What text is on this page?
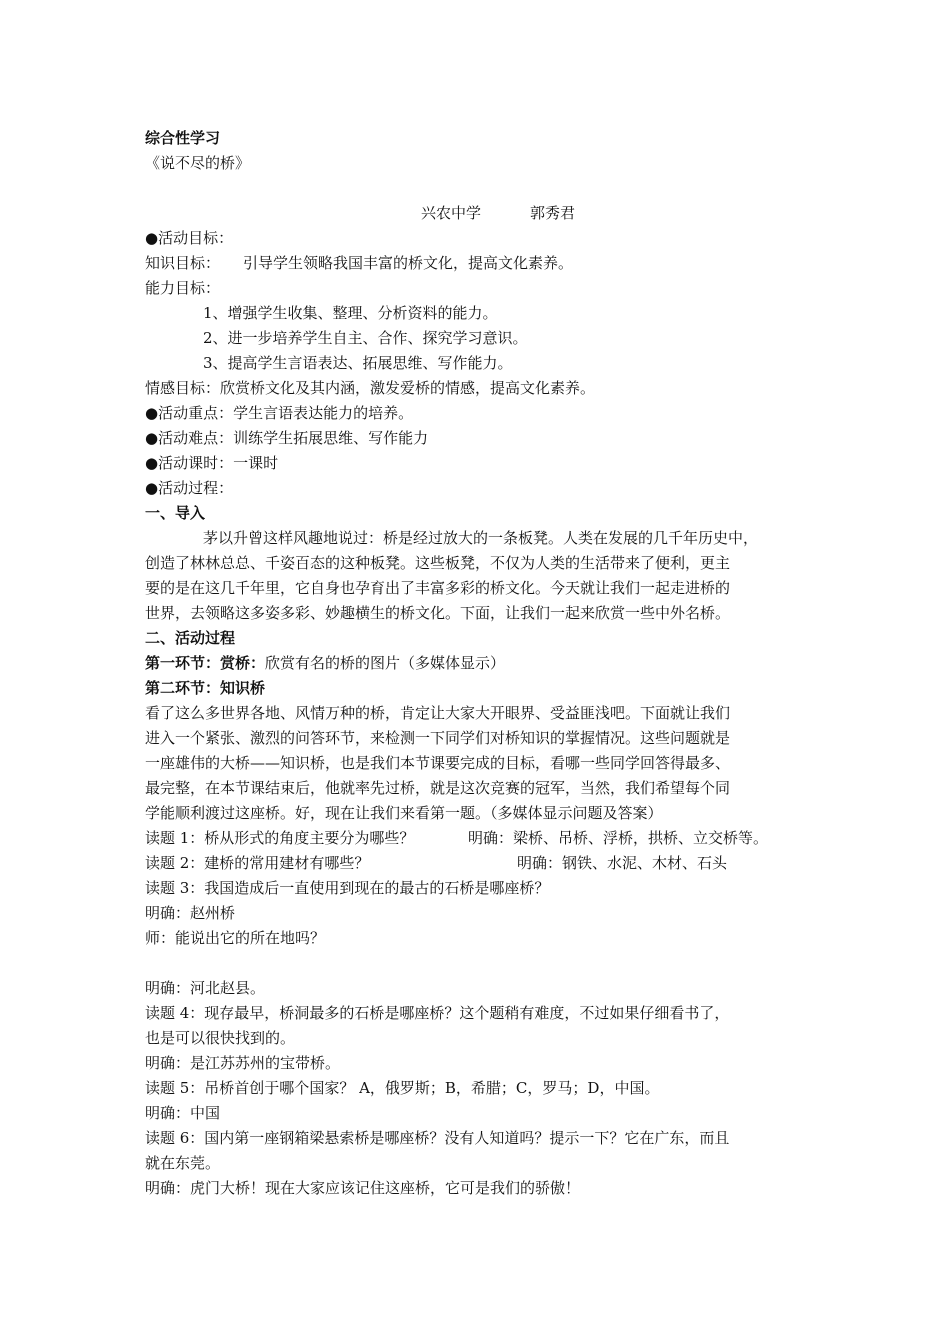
综合性学习
《说不尽的桥》
兴农中学	郭秀君
●活动目标：
知识目标： 引导学生领略我国丰富的桥文化，提高文化素养。
能力目标：
1、增强学生收集、整理、分析资料的能力。
2、进一步培养学生自主、合作、探究学习意识。
3、提高学生言语表达、拓展思维、写作能力。
情感目标：欣赏桥文化及其内涵，激发爱桥的情感，提高文化素养。
●活动重点：学生言语表达能力的培养。
●活动难点：训练学生拓展思维、写作能力
●活动课时：一课时
●活动过程：
一、导入
茅以升曾这样风趣地说过：桥是经过放大的一条板凳。人类在发展的几千年历史中，
创造了林林总总、千姿百态的这种板凳。这些板凳，不仅为人类的生活带来了便利，更主
要的是在这几千年里，它自身也孕育出了丰富多彩的桥文化。今天就让我们一起走进桥的
世界，去领略这多姿多彩、妙趣横生的桥文化。下面，让我们一起来欣赏一些中外名桥。
二、活动过程
第一环节：赏桥：欣赏有名的桥的图片（多媒体显示）
第二环节：知识桥
看了这么多世界各地、风情万种的桥，肯定让大家大开眼界、受益匪浅吧。下面就让我们
进入一个紧张、激烈的问答环节，来检测一下同学们对桥知识的掌握情况。这些问题就是
一座雄伟的大桥——知识桥，也是我们本节课要完成的目标，看哪一些同学回答得最多、
最完整，在本节课结束后，他就率先过桥，就是这次竞赛的冠军，当然，我们希望每个同
学能顺利渡过这座桥。好，现在让我们来看第一题。（多媒体显示问题及答案）
读题 1：桥从形式的角度主要分为哪些？	明确：梁桥、吊桥、浮桥，拱桥、立交桥等。
读题 2：建桥的常用建材有哪些？	明确：钢铁、水泥、木材、石头
读题 3：我国造成后一直使用到现在的最古的石桥是哪座桥？
明确：赵州桥
师：能说出它的所在地吗？
明确：河北赵县。
读题 4：现存最早，桥洞最多的石桥是哪座桥？这个题稍有难度，不过如果仔细看书了，
也是可以很快找到的。
明确：是江苏苏州的宝带桥。
读题 5：吊桥首创于哪个国家？ A，俄罗斯；B，希腊；C，罗马；D，中国。
明确：中国
读题 6：国内第一座钢箱梁悬索桥是哪座桥？没有人知道吗？提示一下？它在广东，而且
就在东莞。
明确：虎门大桥！现在大家应该记住这座桥，它可是我们的骄傲！
